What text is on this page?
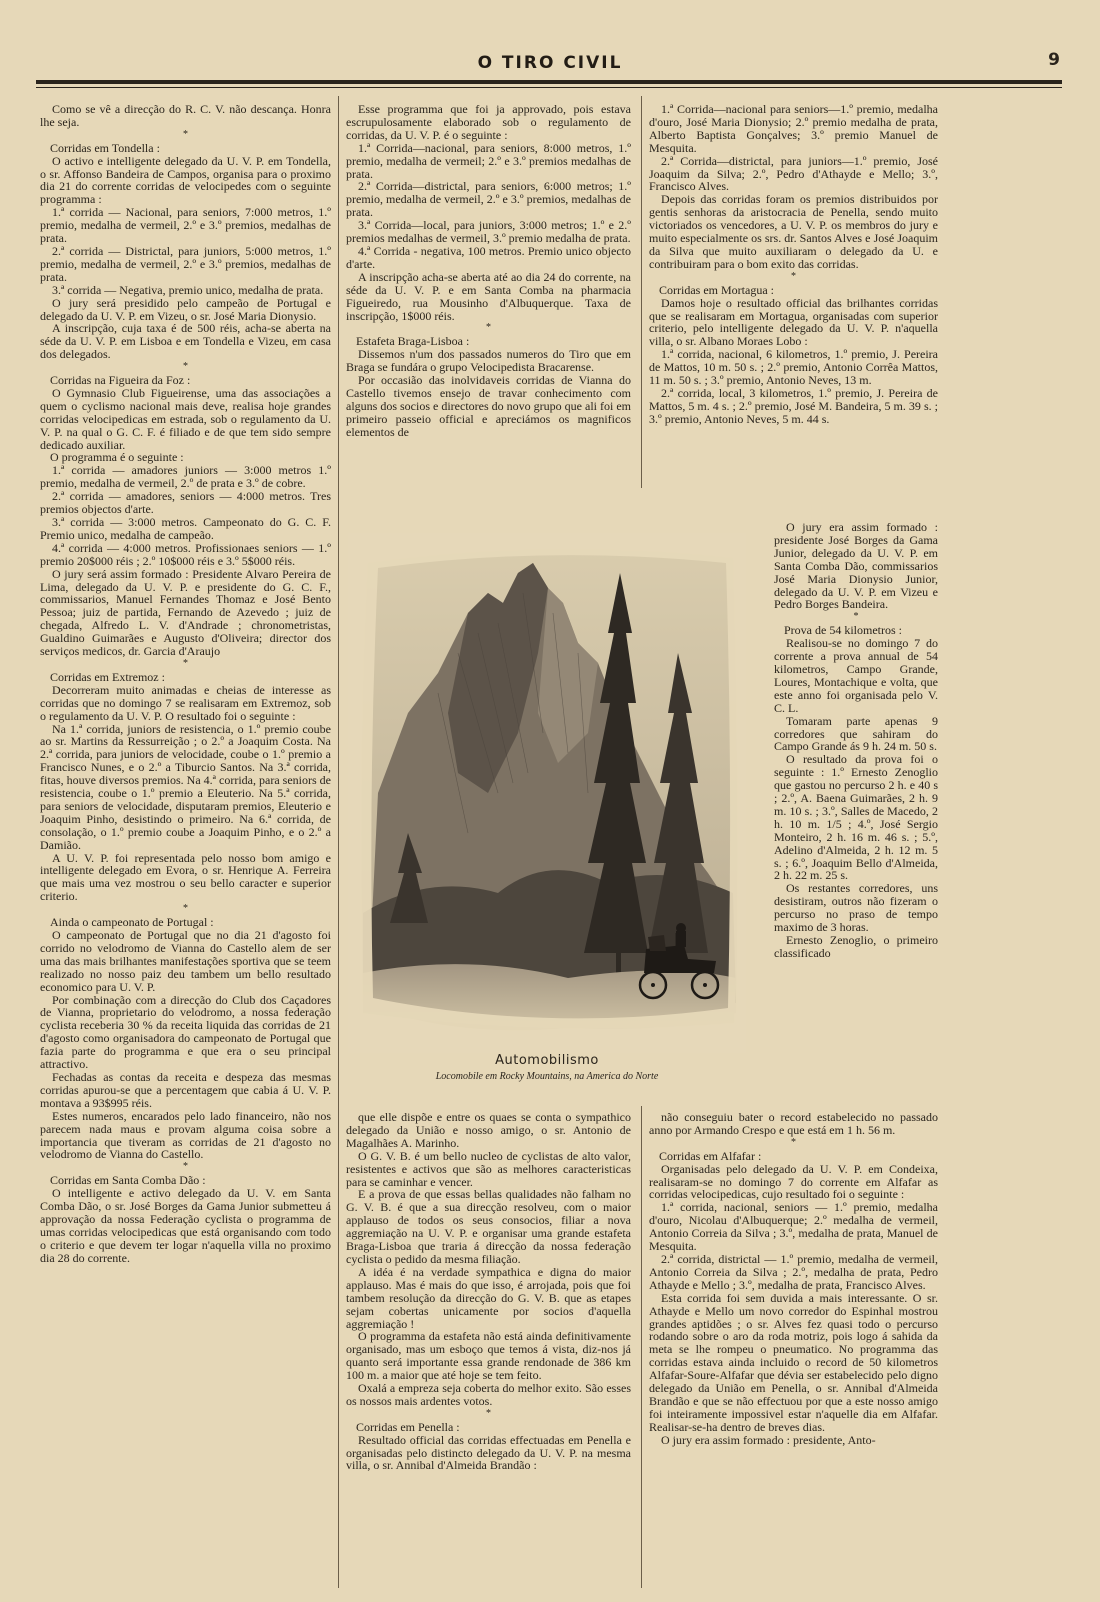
O TIRO CIVIL	9

Como se vê a direcção do R. C. V. não descança. Honra lhe seja.

*

Corridas em Tondella :

O activo e intelligente delegado da U. V. P. em Tondella, o sr. Affonso Bandeira de Campos, organisa para o proximo dia 21 do corrente corridas de velocipedes com o seguinte programma :

1.ª corrida — Nacional, para seniors, 7:000 metros, 1.º premio, medalha de vermeil, 2.º e 3.º premios, medalhas de prata.

2.ª corrida — Districtal, para juniors, 5:000 metros, 1.º premio, medalha de vermeil, 2.º e 3.º premios, medalhas de prata.

3.ª corrida — Negativa, premio unico, medalha de prata.

O jury será presidido pelo campeão de Portugal e delegado da U. V. P. em Vizeu, o sr. José Maria Dionysio.

A inscripção, cuja taxa é de 500 réis, acha-se aberta na séde da U. V. P. em Lisboa e em Tondella e Vizeu, em casa dos delegados.

*

Corridas na Figueira da Foz :

O Gymnasio Club Figueirense, uma das associações a quem o cyclismo nacional mais deve, realisa hoje grandes corridas velocipedicas em estrada, sob o regulamento da U. V. P. na qual o G. C. F. é filiado e de que tem sido sempre dedicado auxiliar.

O programma é o seguinte :

1.ª corrida — amadores juniors — 3:000 metros 1.º premio, medalha de vermeil, 2.º de prata e 3.º de cobre.

2.ª corrida — amadores, seniors — 4:000 metros. Tres premios objectos d'arte.

3.ª corrida — 3:000 metros. Campeonato do G. C. F. Premio unico, medalha de campeão.

4.ª corrida — 4:000 metros. Profissionaes seniors — 1.º premio 20$000 réis ; 2.º 10$000 réis e 3.º 5$000 réis.

O jury será assim formado : Presidente Alvaro Pereira de Lima, delegado da U. V. P. e presidente do G. C. F., commissarios, Manuel Fernandes Thomaz e José Bento Pessoa; juiz de partida, Fernando de Azevedo ; juiz de chegada, Alfredo L. V. d'Andrade ; chronometristas, Gualdino Guimarães e Augusto d'Oliveira; director dos serviços medicos, dr. Garcia d'Araujo

*

Corridas em Extremoz :

Decorreram muito animadas e cheias de interesse as corridas que no domingo 7 se realisaram em Extremoz, sob o regulamento da U. V. P. O resultado foi o seguinte :

Na 1.ª corrida, juniors de resistencia, o 1.º premio coube ao sr. Martins da Ressurreição ; o 2.º a Joaquim Costa. Na 2.ª corrida, para juniors de velocidade, coube o 1.º premio a Francisco Nunes, e o 2.º a Tiburcio Santos. Na 3.ª corrida, fitas, houve diversos premios. Na 4.ª corrida, para seniors de resistencia, coube o 1.º premio a Eleuterio. Na 5.ª corrida, para seniors de velocidade, disputaram premios, Eleuterio e Joaquim Pinho, desistindo o primeiro. Na 6.ª corrida, de consolação, o 1.º premio coube a Joaquim Pinho, e o 2.º a Damião.

A U. V. P. foi representada pelo nosso bom amigo e intelligente delegado em Evora, o sr. Henrique A. Ferreira que mais uma vez mostrou o seu bello caracter e superior criterio.

*

Ainda o campeonato de Portugal :

O campeonato de Portugal que no dia 21 d'agosto foi corrido no velodromo de Vianna do Castello alem de ser uma das mais brilhantes manifestações sportiva que se teem realizado no nosso paiz deu tambem um bello resultado economico para U. V. P.

Por combinação com a direcção do Club dos Caçadores de Vianna, proprietario do velodromo, a nossa federação cyclista receberia 30 % da receita liquida das corridas de 21 d'agosto como organisadora do campeonato de Portugal que fazia parte do programma e que era o seu principal attractivo.

Fechadas as contas da receita e despeza das mesmas corridas apurou-se que a percentagem que cabia á U. V. P. montava a 93$995 réis.

Estes numeros, encarados pelo lado financeiro, não nos parecem nada maus e provam alguma coisa sobre a importancia que tiveram as corridas de 21 d'agosto no velodromo de Vianna do Castello.

*

Corridas em Santa Comba Dão :

O intelligente e activo delegado da U. V. em Santa Comba Dão, o sr. José Borges da Gama Junior submetteu á approvação da nossa Federação cyclista o programma de umas corridas velocipedicas que está organisando com todo o criterio e que devem ter logar n'aquella villa no proximo dia 28 do corrente.

Esse programma que foi ja approvado, pois estava escrupulosamente elaborado sob o regulamento de corridas, da U. V. P. é o seguinte :

1.ª Corrida—nacional, para seniors, 8:000 metros, 1.º premio, medalha de vermeil; 2.º e 3.º premios medalhas de prata.

2.ª Corrida—districtal, para seniors, 6:000 metros; 1.º premio, medalha de vermeil, 2.º e 3.º premios, medalhas de prata.

3.ª Corrida—local, para juniors, 3:000 metros; 1.º e 2.º premios medalhas de vermeil, 3.º premio medalha de prata.

4.ª Corrida - negativa, 100 metros. Premio unico objecto d'arte.

A inscripção acha-se aberta até ao dia 24 do corrente, na séde da U. V. P. e em Santa Comba na pharmacia Figueiredo, rua Mousinho d'Albuquerque. Taxa de inscripção, 1$000 réis.

*

Estafeta Braga-Lisboa :

Dissemos n'um dos passados numeros do Tiro que em Braga se fundára o grupo Velocipedista Bracarense.

Por occasião das inolvidaveis corridas de Vianna do Castello tivemos ensejo de travar conhecimento com alguns dos socios e directores do novo grupo que ali foi em primeiro passeio official e apreciámos os magnificos elementos de

1.ª Corrida—nacional para seniors—1.º premio, medalha d'ouro, José Maria Dionysio; 2.º premio medalha de prata, Alberto Baptista Gonçalves; 3.º premio Manuel de Mesquita.

2.ª Corrida—districtal, para juniors—1.º premio, José Joaquim da Silva; 2.º, Pedro d'Athayde e Mello; 3.º, Francisco Alves.

Depois das corridas foram os premios distribuidos por gentis senhoras da aristocracia de Penella, sendo muito victoriados os vencedores, a U. V. P. os membros do jury e muito especialmente os srs. dr. Santos Alves e José Joaquim da Silva que muito auxiliaram o delegado da U. e contribuiram para o bom exito das corridas.

*

Corridas em Mortagua :

Damos hoje o resultado official das brilhantes corridas que se realisaram em Mortagua, organisadas com superior criterio, pelo intelligente delegado da U. V. P. n'aquella villa, o sr. Albano Moraes Lobo :

1.ª corrida, nacional, 6 kilometros, 1.º premio, J. Pereira de Mattos, 10 m. 50 s. ; 2.º premio, Antonio Corrêa Mattos, 11 m. 50 s. ; 3.º premio, Antonio Neves, 13 m.

2.ª corrida, local, 3 kilometros, 1.º premio, J. Pereira de Mattos, 5 m. 4 s. ; 2.º premio, José M. Bandeira, 5 m. 39 s. ; 3.º premio, Antonio Neves, 5 m. 44 s.

Automobilismo
Locomobile em Rocky Mountains, na America do Norte

O jury era assim formado : presidente José Borges da Gama Junior, delegado da U. V. P. em Santa Comba Dão, commissarios José Maria Dionysio Junior, delegado da U. V. P. em Vizeu e Pedro Borges Bandeira.

*

Prova de 54 kilometros :

Realisou-se no domingo 7 do corrente a prova annual de 54 kilometros, Campo Grande, Loures, Montachique e volta, que este anno foi organisada pelo V. C. L.

Tomaram parte apenas 9 corredores que sahiram do Campo Grande ás 9 h. 24 m. 50 s.

O resultado da prova foi o seguinte : 1.º Ernesto Zenoglio que gastou no percurso 2 h. e 40 s ; 2.º, A. Baena Guimarães, 2 h. 9 m. 10 s. ; 3.º, Salles de Macedo, 2 h. 10 m. 1/5 ; 4.º, José Sergio Monteiro, 2 h. 16 m. 46 s. ; 5.º, Adelino d'Almeida, 2 h. 12 m. 5 s. ; 6.º, Joaquim Bello d'Almeida, 2 h. 22 m. 25 s.

Os restantes corredores, uns desistiram, outros não fizeram o percurso no praso de tempo maximo de 3 horas.

Ernesto Zenoglio, o primeiro classificado

que elle dispõe e entre os quaes se conta o sympathico delegado da União e nosso amigo, o sr. Antonio de Magalhães A. Marinho.

O G. V. B. é um bello nucleo de cyclistas de alto valor, resistentes e activos que são as melhores caracteristicas para se caminhar e vencer.

E a prova de que essas bellas qualidades não falham no G. V. B. é que a sua direcção resolveu, com o maior applauso de todos os seus consocios, filiar a nova aggremiação na U. V. P. e organisar uma grande estafeta Braga-Lisboa que traria á direcção da nossa federação cyclista o pedido da mesma filiação.

A idéa é na verdade sympathica e digna do maior applauso. Mas é mais do que isso, é arrojada, pois que foi tambem resolução da direcção do G. V. B. que as etapes sejam cobertas unicamente por socios d'aquella aggremiação !

O programma da estafeta não está ainda definitivamente organisado, mas um esboço que temos á vista, diz-nos já quanto será importante essa grande rendonade de 386 km 100 m. a maior que até hoje se tem feito.

Oxalá a empreza seja coberta do melhor exito. São esses os nossos mais ardentes votos.

*

Corridas em Penella :

Resultado official das corridas effectuadas em Penella e organisadas pelo distincto delegado da U. V. P. na mesma villa, o sr. Annibal d'Almeida Brandão :

não conseguiu bater o record estabelecido no passado anno por Armando Crespo e que está em 1 h. 56 m.

*

Corridas em Alfafar :

Organisadas pelo delegado da U. V. P. em Condeixa, realisaram-se no domingo 7 do corrente em Alfafar as corridas velocipedicas, cujo resultado foi o seguinte :

1.ª corrida, nacional, seniors — 1.º premio, medalha d'ouro, Nicolau d'Albuquerque; 2.º medalha de vermeil, Antonio Correia da Silva ; 3.º, medalha de prata, Manuel de Mesquita.

2.ª corrida, districtal — 1.º premio, medalha de vermeil, Antonio Correia da Silva ; 2.º, medalha de prata, Pedro Athayde e Mello ; 3.º, medalha de prata, Francisco Alves.

Esta corrida foi sem duvida a mais interessante. O sr. Athayde e Mello um novo corredor do Espinhal mostrou grandes aptidões ; o sr. Alves fez quasi todo o percurso rodando sobre o aro da roda motriz, pois logo á sahida da meta se lhe rompeu o pneumatico. No programma das corridas estava ainda incluido o record de 50 kilometros Alfafar-Soure-Alfafar que dévia ser estabelecido pelo digno delegado da União em Penella, o sr. Annibal d'Almeida Brandão e que se não effectuou por que a este nosso amigo foi inteiramente impossivel estar n'aquelle dia em Alfafar. Realisar-se-ha dentro de breves dias.

O jury era assim formado : presidente, Anto-
